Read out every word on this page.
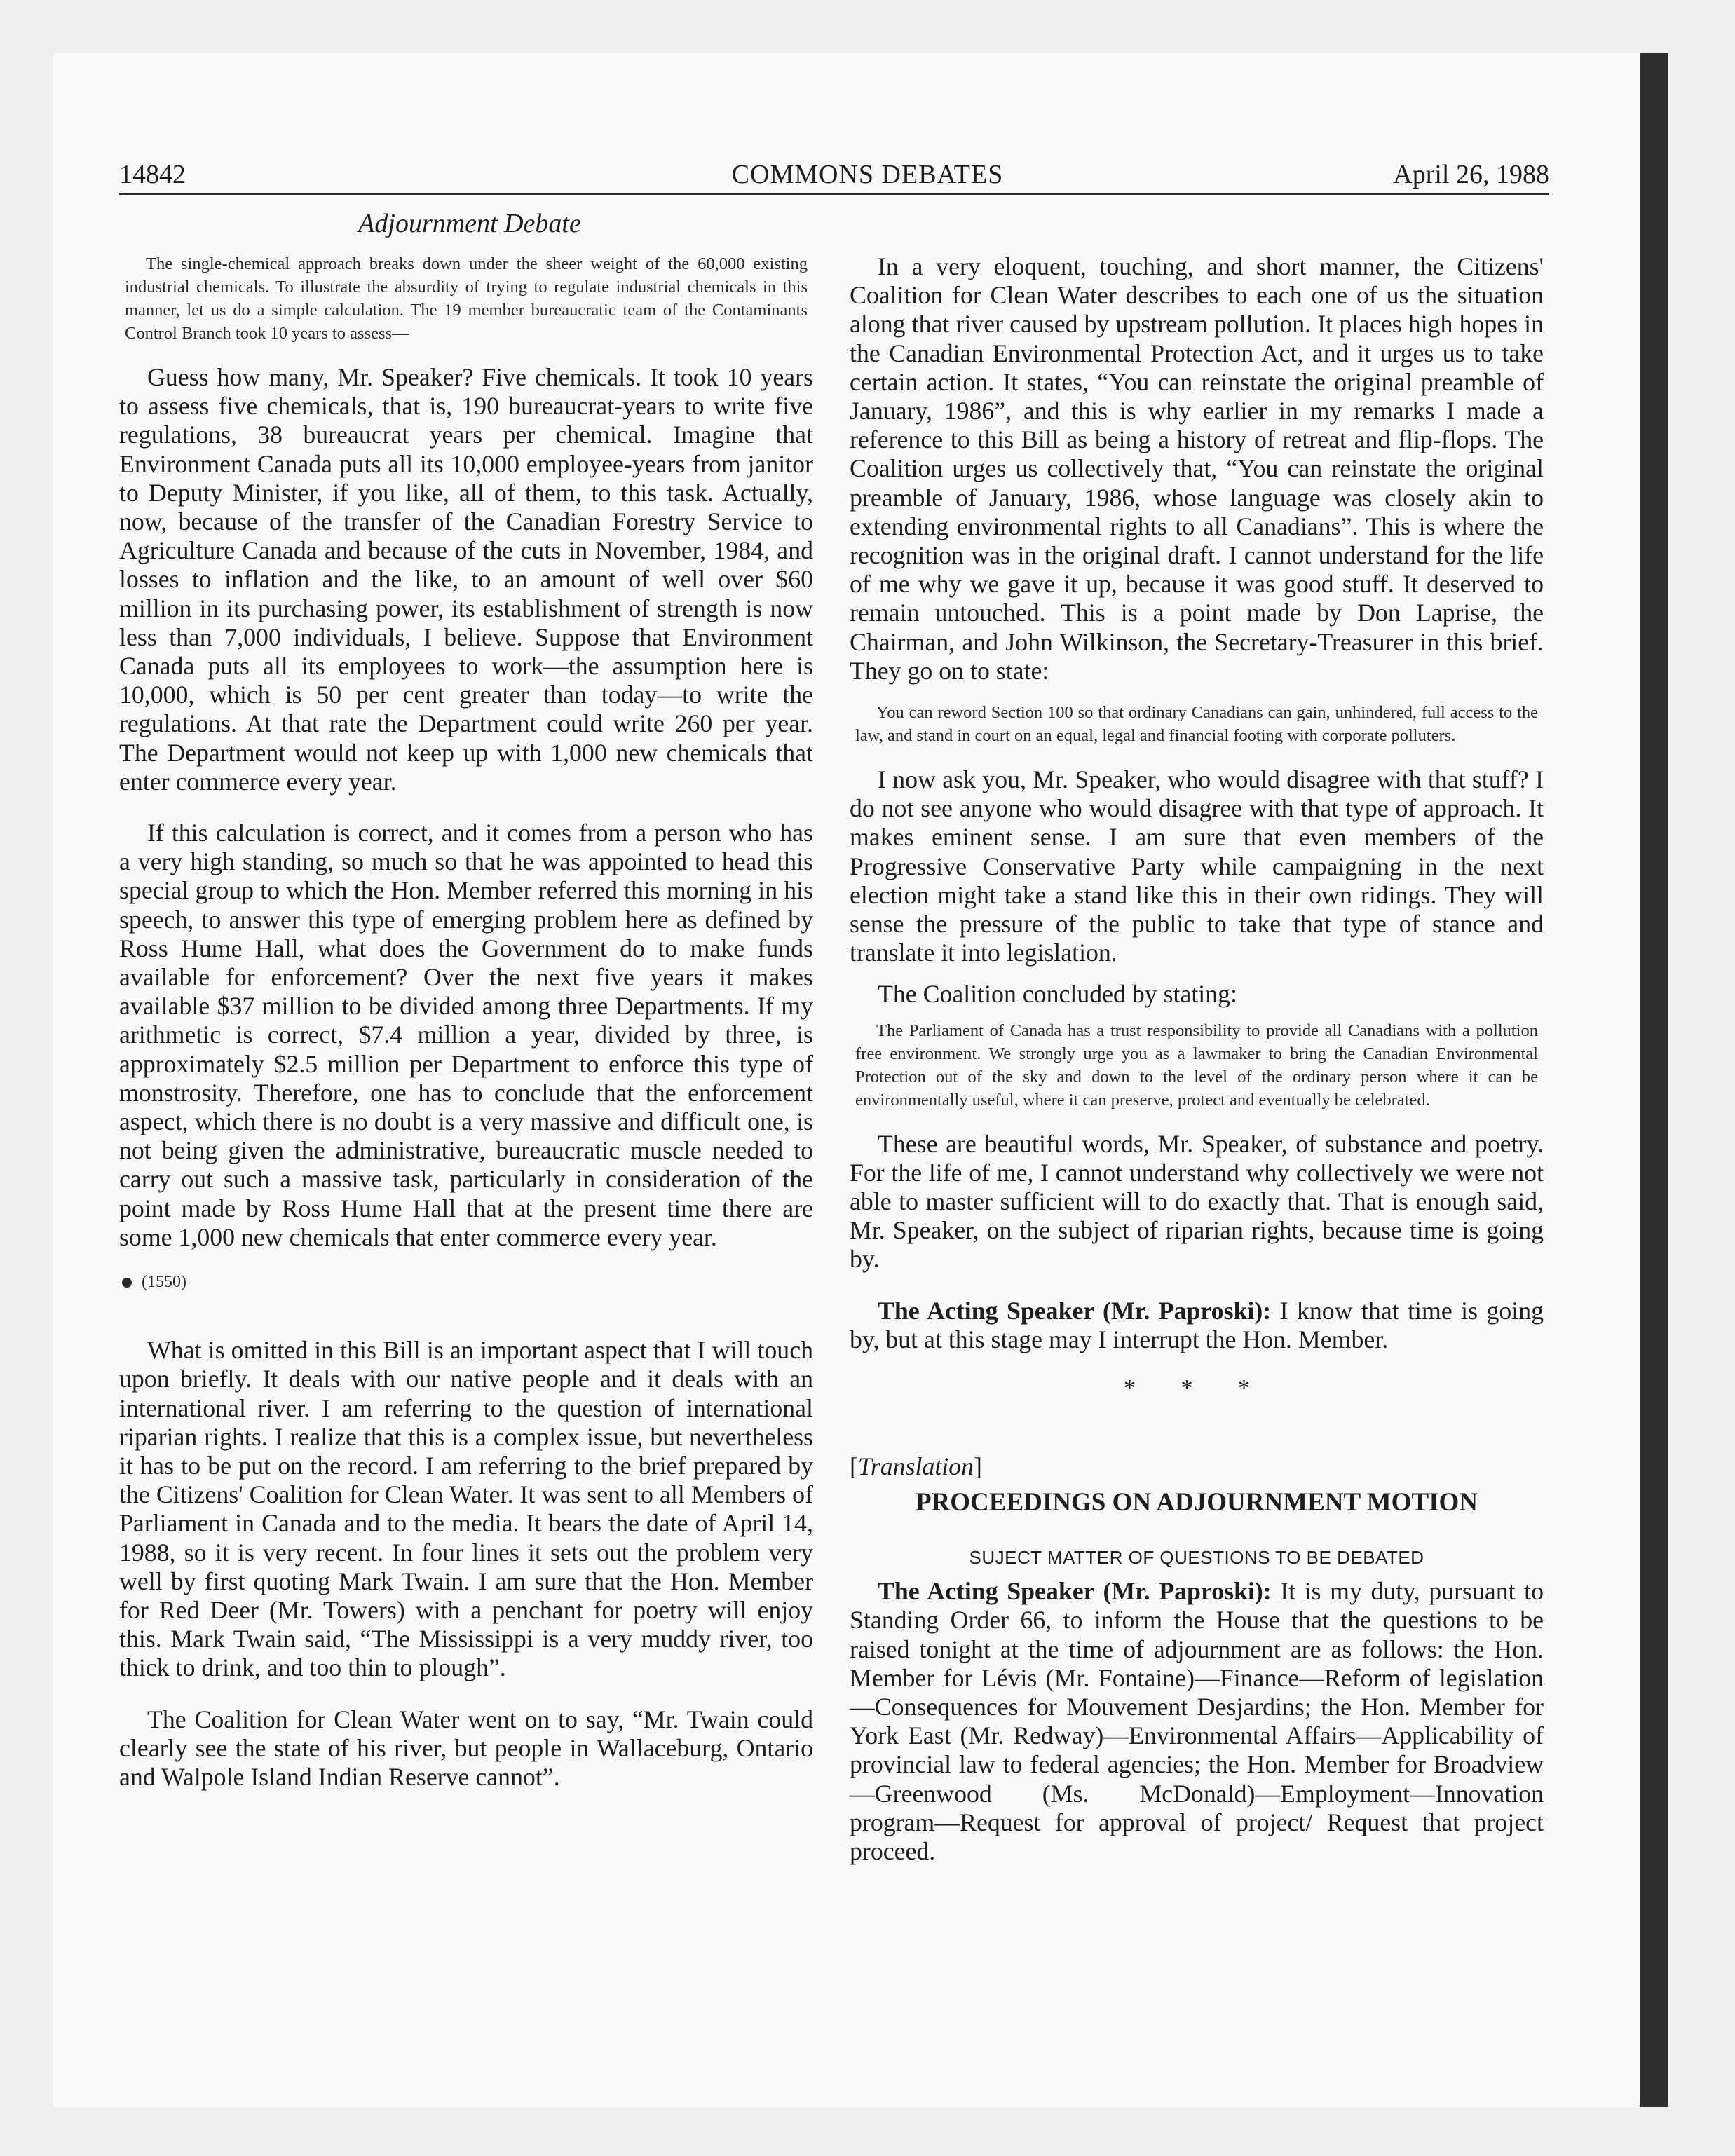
14842	COMMONS DEBATES	April 26, 1988
Adjournment Debate

The single-chemical approach breaks down under the sheer weight of the 60,000 existing industrial chemicals. To illustrate the absurdity of trying to regulate industrial chemicals in this manner, let us do a simple calculation. The 19 member bureaucratic team of the Contaminants Control Branch took 10 years to assess—

Guess how many, Mr. Speaker? Five chemicals. It took 10 years to assess five chemicals, that is, 190 bureaucrat-years to write five regulations, 38 bureaucrat years per chemical. Imagine that Environment Canada puts all its 10,000 employee-years from janitor to Deputy Minister, if you like, all of them, to this task. Actually, now, because of the transfer of the Canadian Forestry Service to Agriculture Canada and because of the cuts in November, 1984, and losses to inflation and the like, to an amount of well over $60 million in its purchasing power, its establishment of strength is now less than 7,000 individuals, I believe. Suppose that Environment Canada puts all its employees to work—the assumption here is 10,000, which is 50 per cent greater than today—to write the regulations. At that rate the Department could write 260 per year. The Department would not keep up with 1,000 new chemicals that enter commerce every year.

If this calculation is correct, and it comes from a person who has a very high standing, so much so that he was appointed to head this special group to which the Hon. Member referred this morning in his speech, to answer this type of emerging problem here as defined by Ross Hume Hall, what does the Government do to make funds available for enforcement? Over the next five years it makes available $37 million to be divided among three Departments. If my arithmetic is correct, $7.4 million a year, divided by three, is approximately $2.5 million per Department to enforce this type of monstrosity. Therefore, one has to conclude that the enforcement aspect, which there is no doubt is a very massive and difficult one, is not being given the administrative, bureaucratic muscle needed to carry out such a massive task, particularly in consideration of the point made by Ross Hume Hall that at the present time there are some 1,000 new chemicals that enter commerce every year.

(1550)

What is omitted in this Bill is an important aspect that I will touch upon briefly. It deals with our native people and it deals with an international river. I am referring to the question of international riparian rights. I realize that this is a complex issue, but nevertheless it has to be put on the record. I am referring to the brief prepared by the Citizens' Coalition for Clean Water. It was sent to all Members of Parliament in Canada and to the media. It bears the date of April 14, 1988, so it is very recent. In four lines it sets out the problem very well by first quoting Mark Twain. I am sure that the Hon. Member for Red Deer (Mr. Towers) with a penchant for poetry will enjoy this. Mark Twain said, “The Mississippi is a very muddy river, too thick to drink, and too thin to plough”.

The Coalition for Clean Water went on to say, “Mr. Twain could clearly see the state of his river, but people in Wallaceburg, Ontario and Walpole Island Indian Reserve cannot”.

In a very eloquent, touching, and short manner, the Citizens' Coalition for Clean Water describes to each one of us the situation along that river caused by upstream pollution. It places high hopes in the Canadian Environmental Protection Act, and it urges us to take certain action. It states, “You can reinstate the original preamble of January, 1986”, and this is why earlier in my remarks I made a reference to this Bill as being a history of retreat and flip-flops. The Coalition urges us collectively that, “You can reinstate the original preamble of January, 1986, whose language was closely akin to extending environmental rights to all Canadians”. This is where the recognition was in the original draft. I cannot understand for the life of me why we gave it up, because it was good stuff. It deserved to remain untouched. This is a point made by Don Laprise, the Chairman, and John Wilkinson, the Secretary-Treasurer in this brief. They go on to state:

You can reword Section 100 so that ordinary Canadians can gain, unhindered, full access to the law, and stand in court on an equal, legal and financial footing with corporate polluters.

I now ask you, Mr. Speaker, who would disagree with that stuff? I do not see anyone who would disagree with that type of approach. It makes eminent sense. I am sure that even members of the Progressive Conservative Party while campaigning in the next election might take a stand like this in their own ridings. They will sense the pressure of the public to take that type of stance and translate it into legislation.

The Coalition concluded by stating:

The Parliament of Canada has a trust responsibility to provide all Canadians with a pollution free environment. We strongly urge you as a lawmaker to bring the Canadian Environmental Protection out of the sky and down to the level of the ordinary person where it can be environmentally useful, where it can preserve, protect and eventually be celebrated.

These are beautiful words, Mr. Speaker, of substance and poetry. For the life of me, I cannot understand why collectively we were not able to master sufficient will to do exactly that. That is enough said, Mr. Speaker, on the subject of riparian rights, because time is going by.

The Acting Speaker (Mr. Paproski): I know that time is going by, but at this stage may I interrupt the Hon. Member.

* * *
[Translation]
PROCEEDINGS ON ADJOURNMENT MOTION
SUJECT MATTER OF QUESTIONS TO BE DEBATED

The Acting Speaker (Mr. Paproski): It is my duty, pursuant to Standing Order 66, to inform the House that the questions to be raised tonight at the time of adjournment are as follows: the Hon. Member for Lévis (Mr. Fontaine)—Finance—Reform of legislation—Consequences for Mouvement Desjardins; the Hon. Member for York East (Mr. Redway)—Environmental Affairs—Applicability of provincial law to federal agencies; the Hon. Member for Broadview—Greenwood (Ms. McDonald)—Employment—Innovation program—Request for approval of project/ Request that project proceed.
